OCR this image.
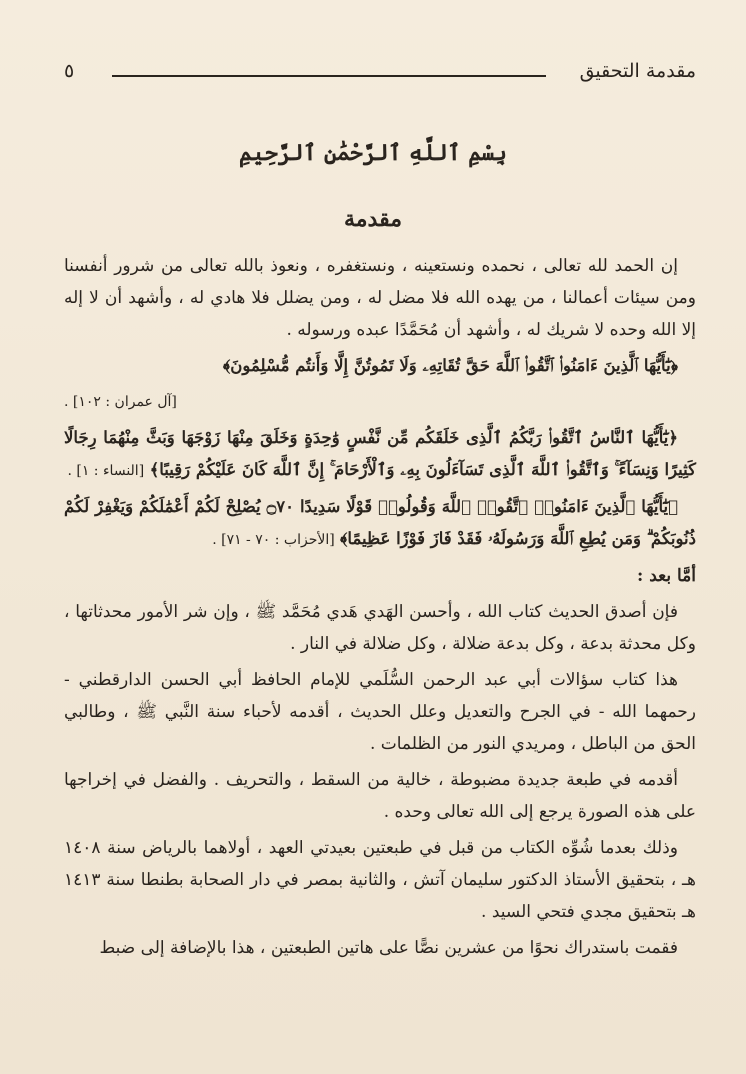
مقدمة التحقيق
٥
بِسْمِ ٱللَّهِ ٱلرَّحْمَٰنِ ٱلرَّحِيمِ
مقدمة

إن الحمد لله تعالى ، نحمده ونستعينه ، ونستغفره ، ونعوذ بالله تعالى من شرور أنفسنا ومن سيئات أعمالنا ، من يهده الله فلا مضل له ، ومن يضلل فلا هادي له ، وأشهد أن لا إله إلا الله وحده لا شريك له ، وأشهد أن مُحَمَّدًا عبده ورسوله .

﴿يَٰٓأَيُّهَا ٱلَّذِينَ ءَامَنُوا۟ ٱتَّقُوا۟ ٱللَّهَ حَقَّ تُقَاتِهِۦ وَلَا تَمُوتُنَّ إِلَّا وَأَنتُم مُّسْلِمُونَ﴾

[آل عمران : ١٠٢] .

﴿يَٰٓأَيُّهَا ٱلنَّاسُ ٱتَّقُوا۟ رَبَّكُمُ ٱلَّذِى خَلَقَكُم مِّن نَّفْسٍ وَٰحِدَةٍ وَخَلَقَ مِنْهَا زَوْجَهَا وَبَثَّ مِنْهُمَا رِجَالًا كَثِيرًا وَنِسَآءً ۚ وَٱتَّقُوا۟ ٱللَّهَ ٱلَّذِى تَسَآءَلُونَ بِهِۦ وَٱلْأَرْحَامَ ۚ إِنَّ ٱللَّهَ كَانَ عَلَيْكُمْ رَقِيبًا﴾ [النساء : ١] .

﴿يَٰٓأَيُّهَا ٱلَّذِينَ ءَامَنُوا۟ ٱتَّقُوا۟ ٱللَّهَ وَقُولُوا۟ قَوْلًا سَدِيدًا ۝٧٠ يُصْلِحْ لَكُمْ أَعْمَٰلَكُمْ وَيَغْفِرْ لَكُمْ ذُنُوبَكُمْ ۗ وَمَن يُطِعِ ٱللَّهَ وَرَسُولَهُۥ فَقَدْ فَازَ فَوْزًا عَظِيمًا﴾ [الأحزاب : ٧٠ - ٧١] .

أمَّا بعد :

فإن أصدق الحديث كتاب الله ، وأحسن الهَدي هَدي مُحَمَّد ﷺ ، وإن شر الأمور محدثاتها ، وكل محدثة بدعة ، وكل بدعة ضلالة ، وكل ضلالة في النار .

هذا كتاب سؤالات أبي عبد الرحمن السُّلَمي للإمام الحافظ أبي الحسن الدارقطني - رحمهما الله - في الجرح والتعديل وعلل الحديث ، أقدمه لأحباء سنة النَّبي ﷺ ، وطالبي الحق من الباطل ، ومريدي النور من الظلمات .

أقدمه في طبعة جديدة مضبوطة ، خالية من السقط ، والتحريف . والفضل في إخراجها على هذه الصورة يرجع إلى الله تعالى وحده .

وذلك بعدما شُوِّه الكتاب من قبل في طبعتين بعيدتي العهد ، أولاهما بالرياض سنة ١٤٠٨ هـ ، بتحقيق الأستاذ الدكتور سليمان آتش ، والثانية بمصر في دار الصحابة بطنطا سنة ١٤١٣ هـ بتحقيق مجدي فتحي السيد .

فقمت باستدراك نحوًا من عشرين نصًّا على هاتين الطبعتين ، هذا بالإضافة إلى ضبط
